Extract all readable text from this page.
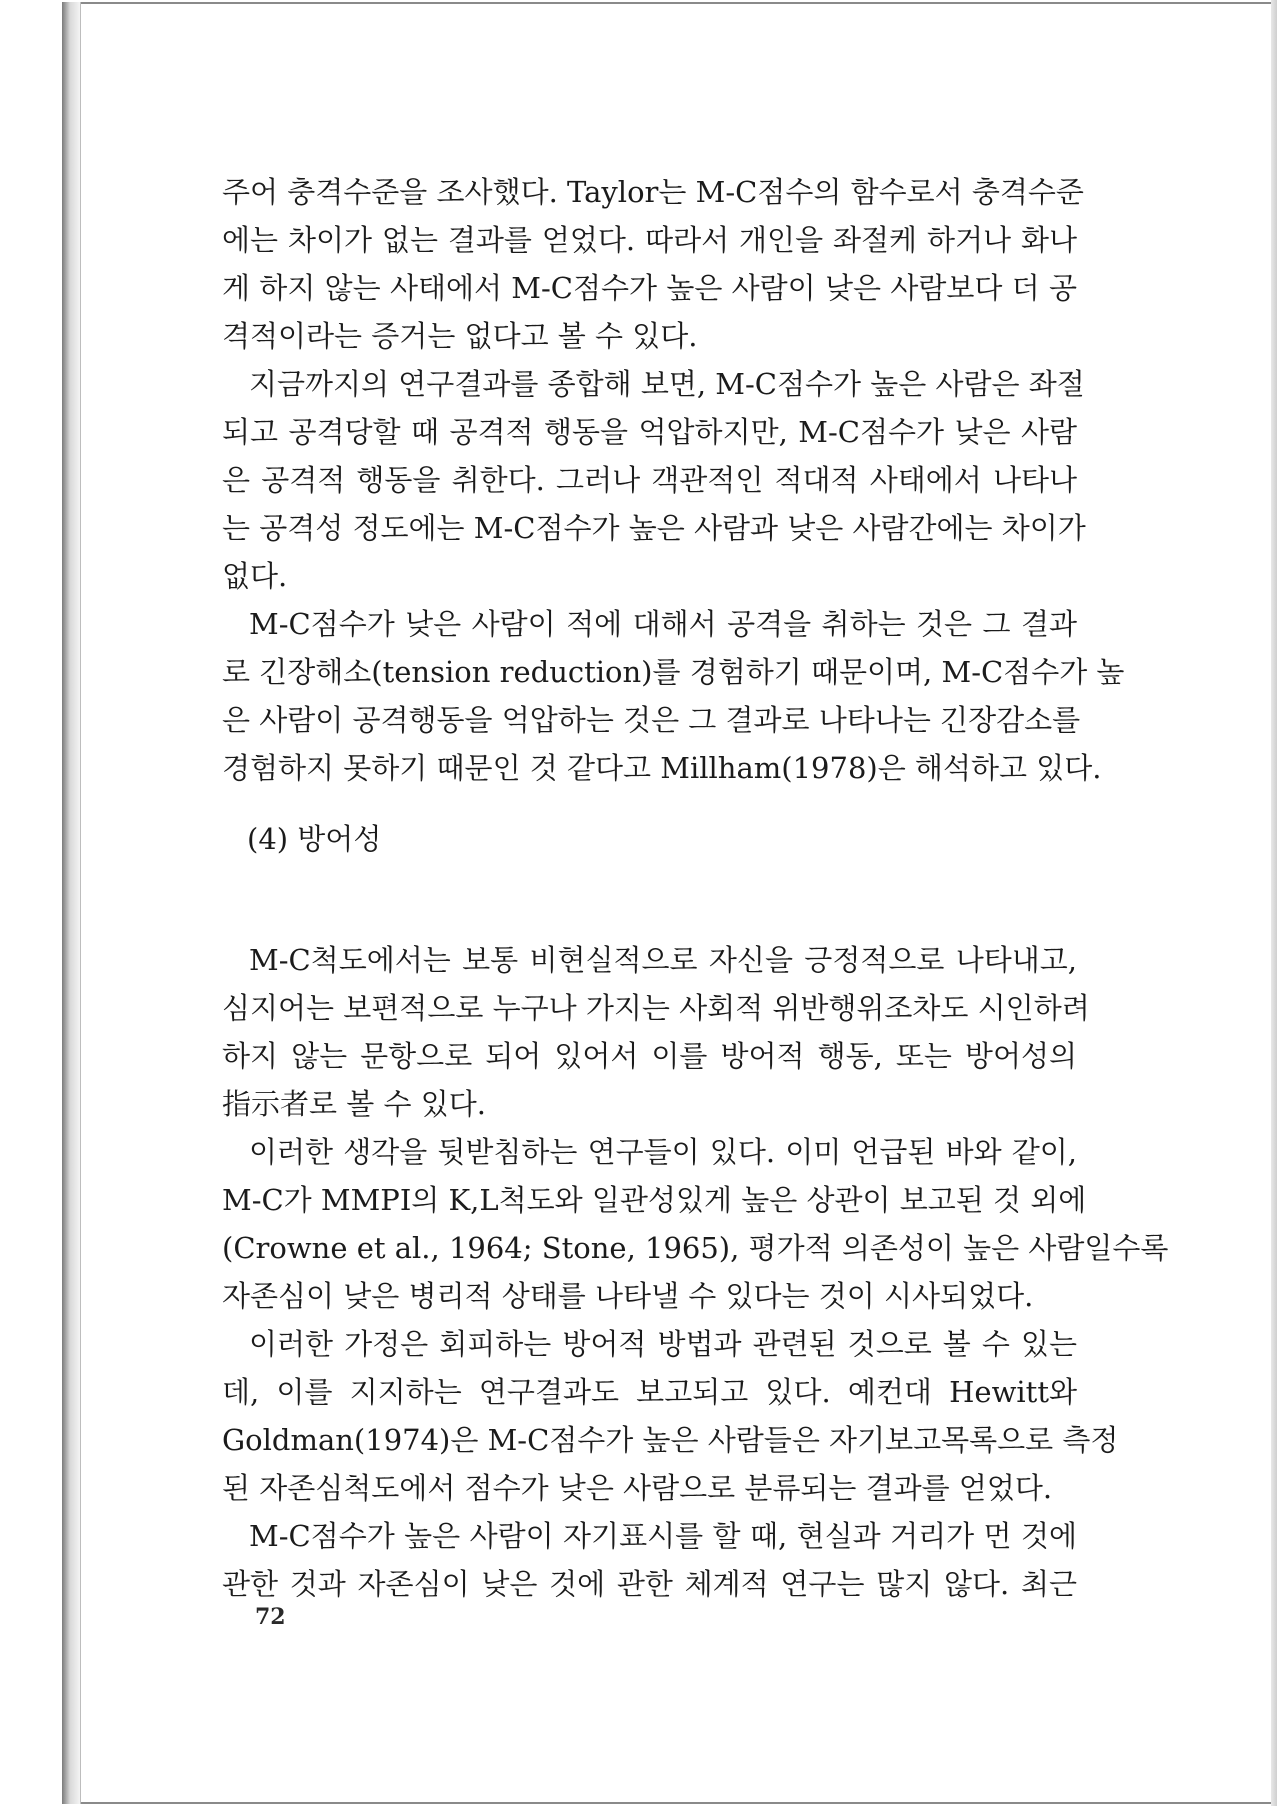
주어 충격수준을 조사했다. Taylor는 M-C점수의 함수로서 충격수준
에는 차이가 없는 결과를 얻었다. 따라서 개인을 좌절케 하거나 화나
게 하지 않는 사태에서 M-C점수가 높은 사람이 낮은 사람보다 더 공
격적이라는 증거는 없다고 볼 수 있다.
지금까지의 연구결과를 종합해 보면, M-C점수가 높은 사람은 좌절
되고 공격당할 때 공격적 행동을 억압하지만, M-C점수가 낮은 사람
은 공격적 행동을 취한다. 그러나 객관적인 적대적 사태에서 나타나
는 공격성 정도에는 M-C점수가 높은 사람과 낮은 사람간에는 차이가
없다.
M-C점수가 낮은 사람이 적에 대해서 공격을 취하는 것은 그 결과
로 긴장해소(tension reduction)를 경험하기 때문이며, M-C점수가 높
은 사람이 공격행동을 억압하는 것은 그 결과로 나타나는 긴장감소를
경험하지 못하기 때문인 것 같다고 Millham(1978)은 해석하고 있다.
(4) 방어성
M-C척도에서는 보통 비현실적으로 자신을 긍정적으로 나타내고,
심지어는 보편적으로 누구나 가지는 사회적 위반행위조차도 시인하려
하지 않는 문항으로 되어 있어서 이를 방어적 행동, 또는 방어성의
指示者로 볼 수 있다.
이러한 생각을 뒷받침하는 연구들이 있다. 이미 언급된 바와 같이,
M-C가 MMPI의 K,L척도와 일관성있게 높은 상관이 보고된 것 외에
(Crowne et al., 1964; Stone, 1965), 평가적 의존성이 높은 사람일수록
자존심이 낮은 병리적 상태를 나타낼 수 있다는 것이 시사되었다.
이러한 가정은 회피하는 방어적 방법과 관련된 것으로 볼 수 있는
데, 이를 지지하는 연구결과도 보고되고 있다. 예컨대 Hewitt와
Goldman(1974)은 M-C점수가 높은 사람들은 자기보고목록으로 측정
된 자존심척도에서 점수가 낮은 사람으로 분류되는 결과를 얻었다.
M-C점수가 높은 사람이 자기표시를 할 때, 현실과 거리가 먼 것에
관한 것과 자존심이 낮은 것에 관한 체계적 연구는 많지 않다. 최근
72
